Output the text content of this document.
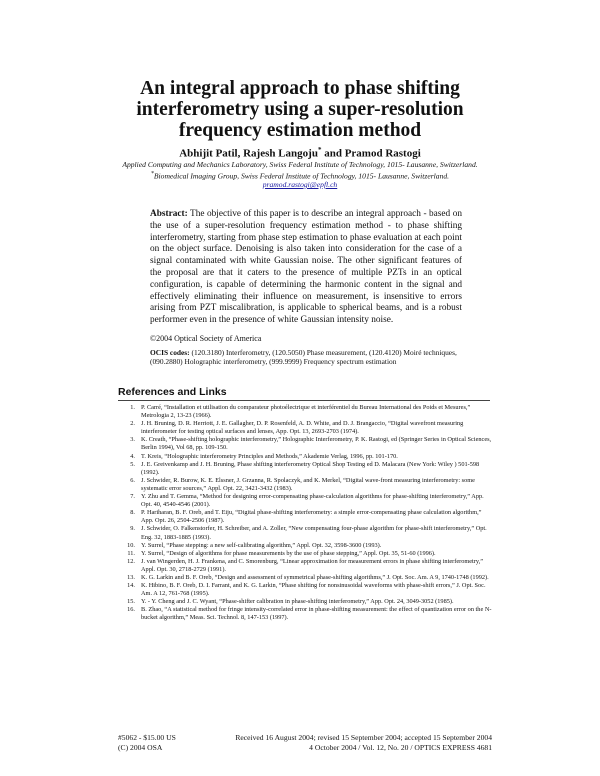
An integral approach to phase shifting
interferometry using a super-resolution
frequency estimation method
Abhijit Patil, Rajesh Langoju* and Pramod Rastogi
Applied Computing and Mechanics Laboratory, Swiss Federal Institute of Technology, 1015- Lausanne, Switzerland.
*Biomedical Imaging Group, Swiss Federal Institute of Technology, 1015- Lausanne, Switzerland.
pramod.rastogi@epfl.ch
Abstract: The objective of this paper is to describe an integral approach - based on the use of a super-resolution frequency estimation method - to phase shifting interferometry, starting from phase step estimation to phase evaluation at each point on the object surface. Denoising is also taken into consideration for the case of a signal contaminated with white Gaussian noise. The other significant features of the proposal are that it caters to the presence of multiple PZTs in an optical configuration, is capable of determining the harmonic content in the signal and effectively eliminating their influence on measurement, is insensitive to errors arising from PZT miscalibration, is applicable to spherical beams, and is a robust performer even in the presence of white Gaussian intensity noise.
©2004 Optical Society of America
OCIS codes: (120.3180) Interferometry, (120.5050) Phase measurement, (120.4120) Moiré techniques, (090.2880) Holographic interferometry, (999.9999) Frequency spectrum estimation
References and Links
1. P. Carré, “Installation et utilisation du comparateur photoélectrique et interférentiel du Bureau International des Poids et Mesures,” Metrologia 2, 13-23 (1966).
2. J. H. Bruning, D. R. Herriott, J. E. Gallagher, D. P. Rosenfeld, A. D. White, and D. J. Brangaccio, “Digital wavefront measuring interferometer for testing optical surfaces and lenses, App. Opt. 13, 2693-2703 (1974).
3. K. Creath, “Phase-shifting holographic interferometry,” Holographic Interferometry, P. K. Rastogi, ed (Springer Series in Optical Sciences, Berlin 1994), Vol 68, pp. 109-150.
4. T. Kreis, “Holographic interferometry Principles and Methods,” Akademie Verlag, 1996, pp. 101-170.
5. J. E. Greivenkamp and J. H. Bruning, Phase shifting interferometry Optical Shop Testing ed D. Malacara (New York: Wiley ) 501-598 (1992).
6. J. Schwider, R. Burow, K. E. Elssner, J. Grzanna, R. Spolaczyk, and K. Merkel, “Digital wave-front measuring interferometry: some systematic error sources,” Appl. Opt. 22, 3421-3432 (1983).
7. Y. Zhu and T. Gemma, “Method for designing error-compensating phase-calculation algorithms for phase-shifting interferometry,” App. Opt. 40, 4540-4546 (2001).
8. P. Hariharan, B. F. Oreb, and T. Eiju, “Digital phase-shifting interferometry: a simple error-compensating phase calculation algorithm,” App. Opt. 26, 2504-2506 (1987).
9. J. Schwider, O. Falkenstorfer, H. Schreiber, and A. Zoller, “New compensating four-phase algorithm for phase-shift interferometry,” Opt. Eng. 32, 1883-1885 (1993).
10. Y. Surrel, “Phase stepping: a new self-calibrating algorithm,” Appl. Opt. 32, 3598-3600 (1993).
11. Y. Surrel, “Design of algorithms for phase measurements by the use of phase stepping,” Appl. Opt. 35, 51-60 (1996).
12. J. van Wingerden, H. J. Frankena, and C. Smorenburg, “Linear approximation for measurement errors in phase shifting interferometry,” Appl. Opt. 30, 2718-2729 (1991).
13. K. G. Larkin and B. F. Oreb, “Design and assessment of symmetrical phase-shifting algorithms,” J. Opt. Soc. Am. A 9, 1740-1748 (1992).
14. K. Hibino, B. F. Oreb, D. I. Farrant, and K. G. Larkin, “Phase shifting for nonsinusoidal waveforms with phase-shift errors,” J. Opt. Soc. Am. A 12, 761-768 (1995).
15. Y. - Y. Cheng and J. C. Wyant, “Phase-shifter calibration in phase-shifting interferometry,” App. Opt. 24, 3049-3052 (1985).
16. B. Zhao, “A statistical method for fringe intensity-correlated error in phase-shifting measurement: the effect of quantization error on the N-bucket algorithm,” Meas. Sci. Technol. 8, 147-153 (1997).
#5062 - $15.00 US
(C) 2004 OSA
Received 16 August 2004; revised 15 September 2004; accepted 15 September 2004
4 October 2004 / Vol. 12, No. 20 / OPTICS EXPRESS 4681
